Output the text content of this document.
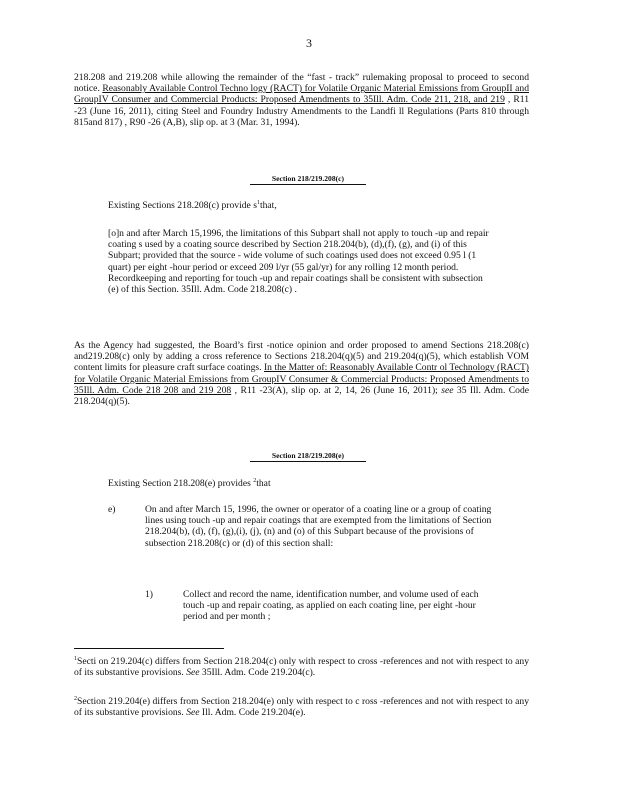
3
218.208 and 219.208 while allowing the remainder of the “fast - track” rulemaking proposal to proceed to second notice. Reasonably Available Control Techno logy (RACT) for Volatile Organic Material Emissions from GroupII and GroupIV Consumer and Commercial Products: Proposed Amendments to 35Ill. Adm. Code 211, 218, and 219 , R11 -23 (June 16, 2011), citing Steel and Foundry Industry Amendments to the Landfi ll Regulations (Parts 810 through 815and 817) , R90 -26 (A,B), slip op. at 3 (Mar. 31, 1994).
Section 218/219.208(c)
Existing Sections 218.208(c) provide $s^1that$,
[o]n and after March 15,1996, the limitations of this Subpart shall not apply to touch -up and repair coating s used by a coating source described by Section 218.204(b), (d),(f), (g), and (i) of this Subpart; provided that the source - wide volume of such coatings used does not exceed 0.95 l (1 quart) per eight -hour period or exceed 209 l/yr (55 gal/yr) for any rolling 12 month period. Recordkeeping and reporting for touch -up and repair coatings shall be consistent with subsection (e) of this Section. 35Ill. Adm. Code 218.208(c) .
As the Agency had suggested, the Board’s first -notice opinion and order proposed to amend Sections 218.208(c) and219.208(c) only by adding a cross reference to Sections 218.204(q)(5) and 219.204(q)(5), which establish VOM content limits for pleasure craft surface coatings. In the Matter of: Reasonably Available Contr ol Technology (RACT) for Volatile Organic Material Emissions from GroupIV Consumer & Commercial Products: Proposed Amendments to 35Ill. Adm. Code 218 208 and 219 208 , R11 -23(A), slip op. at 2, 14, 26 (June 16, 2011); see 35 Ill. Adm. Code 218.204(q)(5).
Section 218/219.208(e)
Existing Section 218.208(e) provides $^2$that
e)	On and after March 15, 1996, the owner or operator of a coating line or a group of coating lines using touch -up and repair coatings that are exempted from the limitations of Section 218.204(b), (d), (f), (g),(i), (j), (n) and (o) of this Subpart because of the provisions of subsection 218.208(c) or (d) of this section shall:
1)	Collect and record the name, identification number, and volume used of each touch -up and repair coating, as applied on each coating line, per eight -hour period and per month ;
$^1$Secti on 219.204(c) differs from Section 218.204(c) only with respect to cross -references and not with respect to any of its substantive provisions. See 35Ill. Adm. Code 219.204(c).
$^2$Section 219.204(e) differs from Section 218.204(e) only with respect to c ross -references and not with respect to any of its substantive provisions. See Ill. Adm. Code 219.204(e).
